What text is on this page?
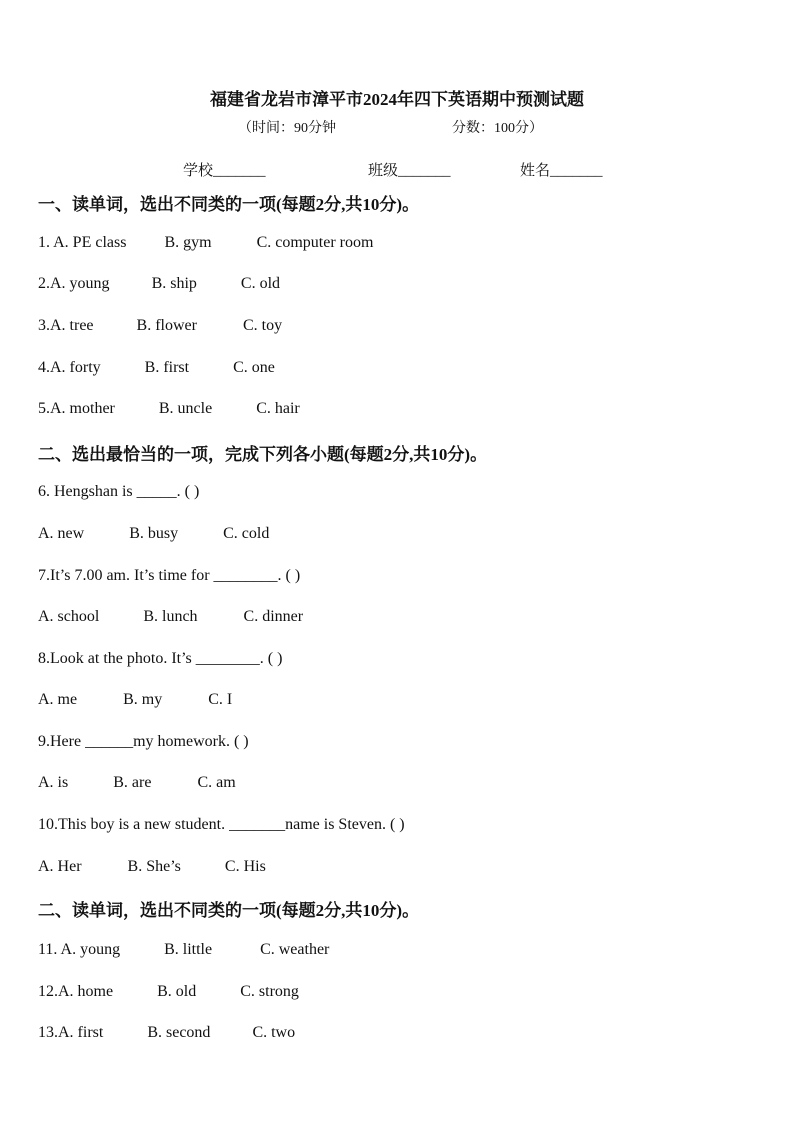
福建省龙岩市漳平市2024年四下英语期中预测试题
（时间：90分钟	分数：100分）
学校_______	班级_______	姓名_______
一、读单词，选出不同类的一项(每题2分,共10分)。
1. A. PE class B. gym	C. computer room
2.A. young	B. ship	C. old
3.A. tree	B. flower	C. toy
4.A. forty	B. first	C. one
5.A. mother	B. uncle	C. hair
二、选出最恰当的一项，完成下列各小题(每题2分,共10分)。
6. Hengshan is _____. ( )
A. new	B. busy	C. cold
7.It’s 7.00 am. It’s time for ________. ( )
A. school	B. lunch	C. dinner
8.Look at the photo. It’s ________. ( )
A. me	B. my	C. I
9.Here ______my homework. ( )
A. is	B. are	C. am
10.This boy is a new student. _______name is Steven. ( )
A. Her	B. She’s	C. His
二、读单词，选出不同类的一项(每题2分,共10分)。
11. A. young	B. little	C. weather
12.A. home	B. old	C. strong
13.A. first	B. second	C. two
